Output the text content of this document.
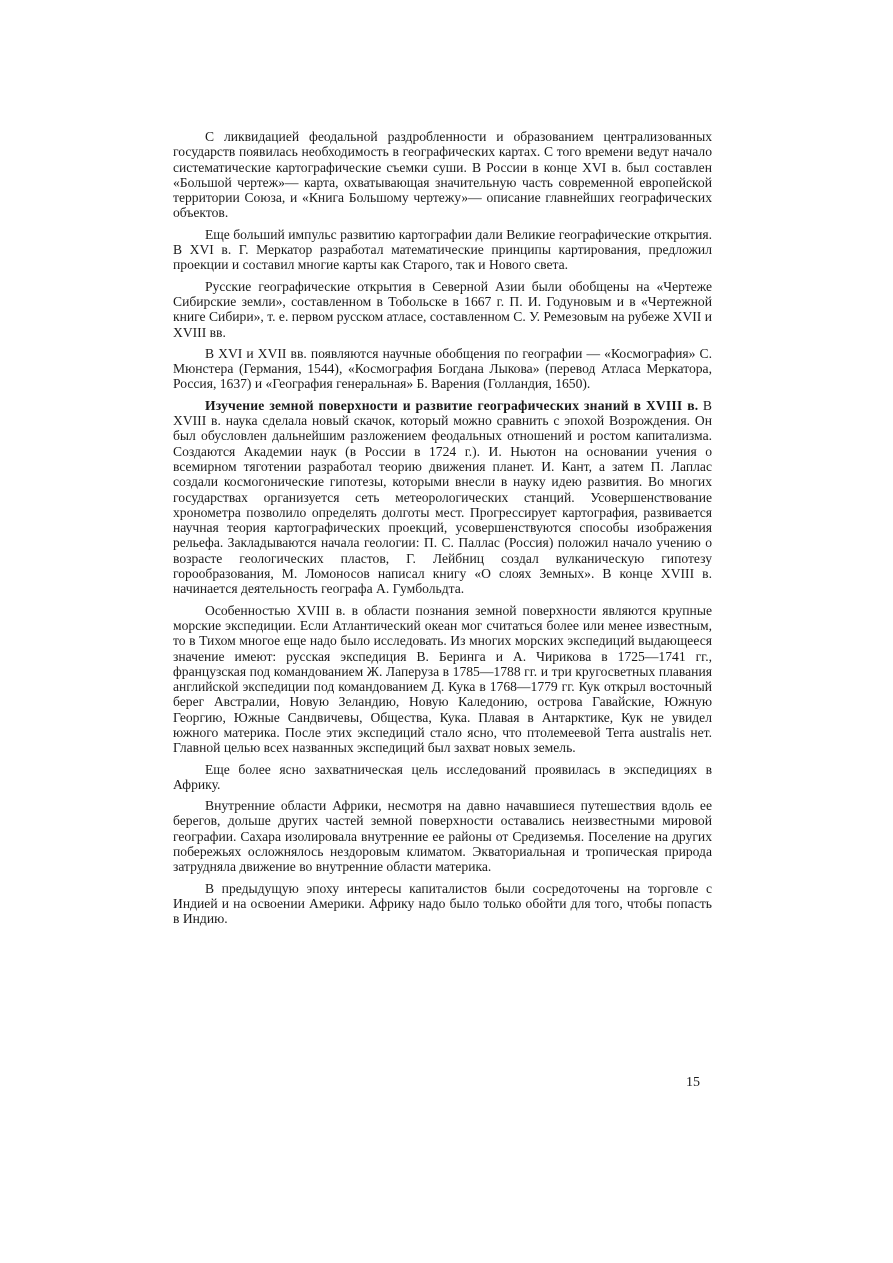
С ликвидацией феодальной раздробленности и образованием централизованных государств появилась необходимость в географических картах. С того времени ведут начало систематические картографические съемки суши. В России в конце XVI в. был составлен «Большой чертеж»— карта, охватывающая значительную часть современной европейской территории Союза, и «Книга Большому чертежу»— описание главнейших географических объектов.

Еще больший импульс развитию картографии дали Великие географические открытия. В XVI в. Г. Меркатор разработал математические принципы картирования, предложил проекции и составил многие карты как Старого, так и Нового света.

Русские географические открытия в Северной Азии были обобщены на «Чертеже Сибирские земли», составленном в Тобольске в 1667 г. П. И. Годуновым и в «Чертежной книге Сибири», т. е. первом русском атласе, составленном С. У. Ремезовым на рубеже XVII и XVIII вв.

В XVI и XVII вв. появляются научные обобщения по географии — «Космография» С. Мюнстера (Германия, 1544), «Космография Богдана Лыкова» (перевод Атласа Меркатора, Россия, 1637) и «География генеральная» Б. Варения (Голландия, 1650).

Изучение земной поверхности и развитие географических знаний в XVIII в. В XVIII в. наука сделала новый скачок, который можно сравнить с эпохой Возрождения. Он был обусловлен дальнейшим разложением феодальных отношений и ростом капитализма. Создаются Академии наук (в России в 1724 г.). И. Ньютон на основании учения о всемирном тяготении разработал теорию движения планет. И. Кант, а затем П. Лаплас создали космогонические гипотезы, которыми внесли в науку идею развития. Во многих государствах организуется сеть метеорологических станций. Усовершенствование хронометра позволило определять долготы мест. Прогрессирует картография, развивается научная теория картографических проекций, усовершенствуются способы изображения рельефа. Закладываются начала геологии: П. С. Паллас (Россия) положил начало учению о возрасте геологических пластов, Г. Лейбниц создал вулканическую гипотезу горообразования, М. Ломоносов написал книгу «О слоях Земных». В конце XVIII в. начинается деятельность географа А. Гумбольдта.

Особенностью XVIII в. в области познания земной поверхности являются крупные морские экспедиции. Если Атлантический океан мог считаться более или менее известным, то в Тихом многое еще надо было исследовать. Из многих морских экспедиций выдающееся значение имеют: русская экспедиция В. Беринга и А. Чирикова в 1725—1741 гг., французская под командованием Ж. Лаперуза в 1785—1788 гг. и три кругосветных плавания английской экспедиции под командованием Д. Кука в 1768—1779 гг. Кук открыл восточный берег Австралии, Новую Зеландию, Новую Каледонию, острова Гавайские, Южную Георгию, Южные Сандвичевы, Общества, Кука. Плавая в Антарктике, Кук не увидел южного материка. После этих экспедиций стало ясно, что птолемеевой Terra australis нет. Главной целью всех названных экспедиций был захват новых земель.

Еще более ясно захватническая цель исследований проявилась в экспедициях в Африку.

Внутренние области Африки, несмотря на давно начавшиеся путешествия вдоль ее берегов, дольше других частей земной поверхности оставались неизвестными мировой географии. Сахара изолировала внутренние ее районы от Средиземья. Поселение на других побережьях осложнялось нездоровым климатом. Экваториальная и тропическая природа затрудняла движение во внутренние области материка.

В предыдущую эпоху интересы капиталистов были сосредоточены на торговле с Индией и на освоении Америки. Африку надо было только обойти для того, чтобы попасть в Индию.

15
